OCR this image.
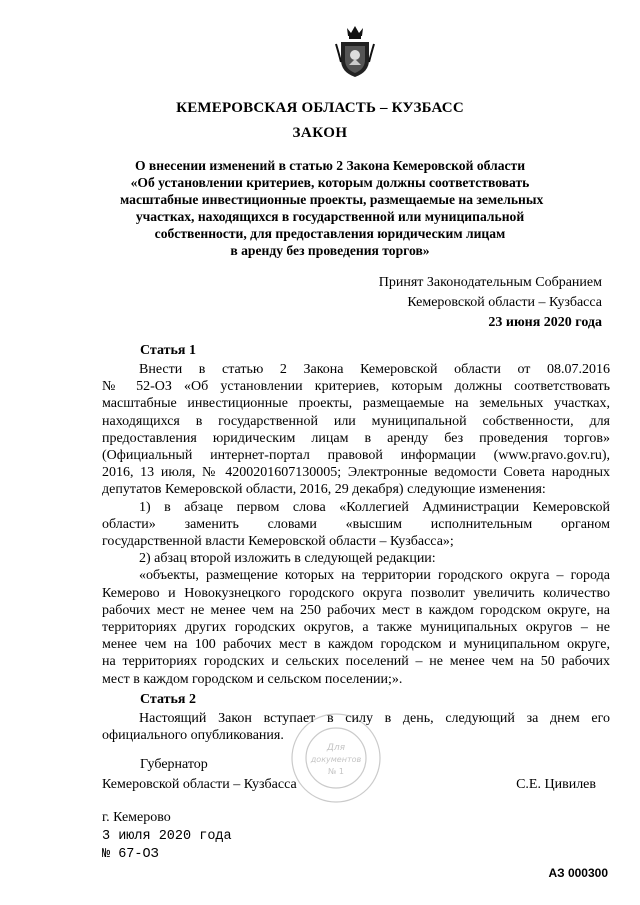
КЕМЕРОВСКАЯ ОБЛАСТЬ – КУЗБАСС
ЗАКОН
О внесении изменений в статью 2 Закона Кемеровской области
«Об установлении критериев, которым должны соответствовать
масштабные инвестиционные проекты, размещаемые на земельных
участках, находящихся в государственной или муниципальной
собственности, для предоставления юридическим лицам
в аренду без проведения торгов»
Принят Законодательным Собранием
Кемеровской области – Кузбасса
23 июня 2020 года
Статья 1
Внести в статью 2 Закона Кемеровской области от 08.07.2016
№ 52-ОЗ «Об установлении критериев, которым должны соответствовать
масштабные инвестиционные проекты, размещаемые на земельных участках,
находящихся в государственной или муниципальной собственности, для
предоставления юридическим лицам в аренду без проведения торгов»
(Официальный интернет-портал правовой информации (www.pravo.gov.ru),
2016, 13 июля, № 4200201607130005; Электронные ведомости Совета народных
депутатов Кемеровской области, 2016, 29 декабря) следующие изменения:
1) в абзаце первом слова «Коллегией Администрации Кемеровской
области» заменить словами «высшим исполнительным органом
государственной власти Кемеровской области – Кузбасса»;
2) абзац второй изложить в следующей редакции:
«объекты, размещение которых на территории городского округа – города
Кемерово и Новокузнецкого городского округа позволит увеличить количество
рабочих мест не менее чем на 250 рабочих мест в каждом городском округе, на
территориях других городских округов, а также муниципальных округов – не
менее чем на 100 рабочих мест в каждом городском и муниципальном округе,
на территориях городских и сельских поселений – не менее чем на 50 рабочих
мест в каждом городском и сельском поселении;».
Статья 2
Настоящий Закон вступает в силу в день, следующий за днем его
официального опубликования.
Для
документов
№ 1
Губернатор
Кемеровской области – Кузбасса	С.Е. Цивилев
г. Кемерово
3 июля 2020 года
№ 67-ОЗ
АЗ 000300
